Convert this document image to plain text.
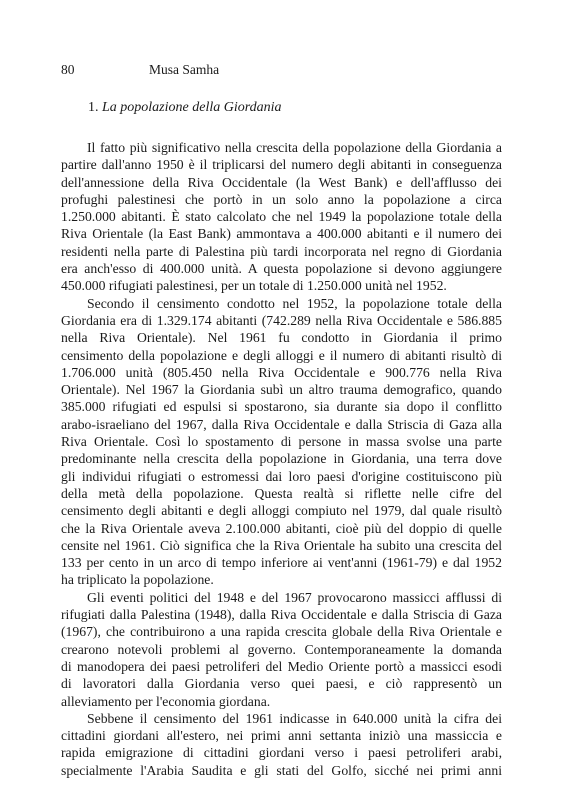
80	Musa Samha
1. La popolazione della Giordania
Il fatto più significativo nella crescita della popolazione della Giordania a
partire dall'anno 1950 è il triplicarsi del numero degli abitanti in conseguenza
dell'annessione della Riva Occidentale (la West Bank) e dell'afflusso dei
profughi palestinesi che portò in un solo anno la popolazione a circa
1.250.000 abitanti. È stato calcolato che nel 1949 la popolazione totale della
Riva Orientale (la East Bank) ammontava a 400.000 abitanti e il numero dei
residenti nella parte di Palestina più tardi incorporata nel regno di Giordania
era anch'esso di 400.000 unità. A questa popolazione si devono aggiungere
450.000 rifugiati palestinesi, per un totale di 1.250.000 unità nel 1952.
Secondo il censimento condotto nel 1952, la popolazione totale della
Giordania era di 1.329.174 abitanti (742.289 nella Riva Occidentale e 586.885
nella Riva Orientale). Nel 1961 fu condotto in Giordania il primo
censimento della popolazione e degli alloggi e il numero di abitanti risultò di
1.706.000 unità (805.450 nella Riva Occidentale e 900.776 nella Riva
Orientale). Nel 1967 la Giordania subì un altro trauma demografico, quando
385.000 rifugiati ed espulsi si spostarono, sia durante sia dopo il conflitto
arabo-israeliano del 1967, dalla Riva Occidentale e dalla Striscia di Gaza alla
Riva Orientale. Così lo spostamento di persone in massa svolse una parte
predominante nella crescita della popolazione in Giordania, una terra dove
gli individui rifugiati o estromessi dai loro paesi d'origine costituiscono più
della metà della popolazione. Questa realtà si riflette nelle cifre del
censimento degli abitanti e degli alloggi compiuto nel 1979, dal quale risultò
che la Riva Orientale aveva 2.100.000 abitanti, cioè più del doppio di quelle
censite nel 1961. Ciò significa che la Riva Orientale ha subito una crescita del
133 per cento in un arco di tempo inferiore ai vent'anni (1961-79) e dal 1952
ha triplicato la popolazione.
Gli eventi politici del 1948 e del 1967 provocarono massicci afflussi di
rifugiati dalla Palestina (1948), dalla Riva Occidentale e dalla Striscia di Gaza
(1967), che contribuirono a una rapida crescita globale della Riva Orientale e
crearono notevoli problemi al governo. Contemporaneamente la domanda
di manodopera dei paesi petroliferi del Medio Oriente portò a massicci esodi
di lavoratori dalla Giordania verso quei paesi, e ciò rappresentò un
alleviamento per l'economia giordana.
Sebbene il censimento del 1961 indicasse in 640.000 unità la cifra dei
cittadini giordani all'estero, nei primi anni settanta iniziò una massiccia e
rapida emigrazione di cittadini giordani verso i paesi petroliferi arabi,
specialmente l'Arabia Saudita e gli stati del Golfo, sicché nei primi anni
